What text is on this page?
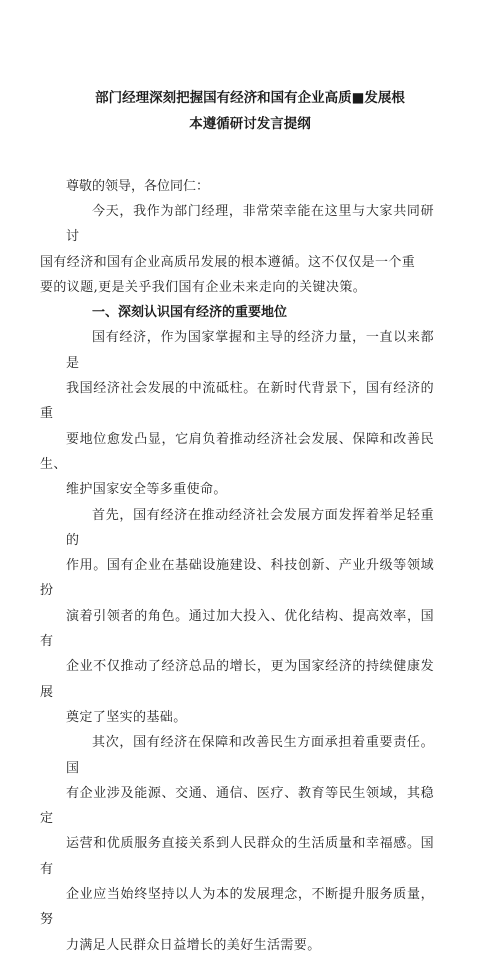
部门经理深刻把握国有经济和国有企业高质■发展根
本遵循研讨发言提纲
尊敬的领导，各位同仁：

今天，我作为部门经理，非常荣幸能在这里与大家共同研讨
国有经济和国有企业高质吊发展的根本遵循。这不仅仅是一个重
要的议题,更是关乎我们国有企业未来走向的关键决策。

一、深刻认识国有经济的重要地位

国有经济，作为国家掌握和主导的经济力量，一直以来都是
我国经济社会发展的中流砥柱。在新时代背景下，国有经济的重
要地位愈发凸显，它肩负着推动经济社会发展、保障和改善民生、
维护国家安全等多重使命。

首先，国有经济在推动经济社会发展方面发挥着举足轻重的
作用。国有企业在基础设施建设、科技创新、产业升级等领域扮
演着引领者的角色。通过加大投入、优化结构、提高效率，国有
企业不仅推动了经济总品的增长，更为国家经济的持续健康发展
奠定了坚实的基础。

其次，国有经济在保障和改善民生方面承担着重要责任。国
有企业涉及能源、交通、通信、医疗、教育等民生领域，其稳定
运营和优质服务直接关系到人民群众的生活质量和幸福感。国有
企业应当始终坚持以人为本的发展理念，不断提升服务质量，努
力满足人民群众日益增长的美好生活需要。
